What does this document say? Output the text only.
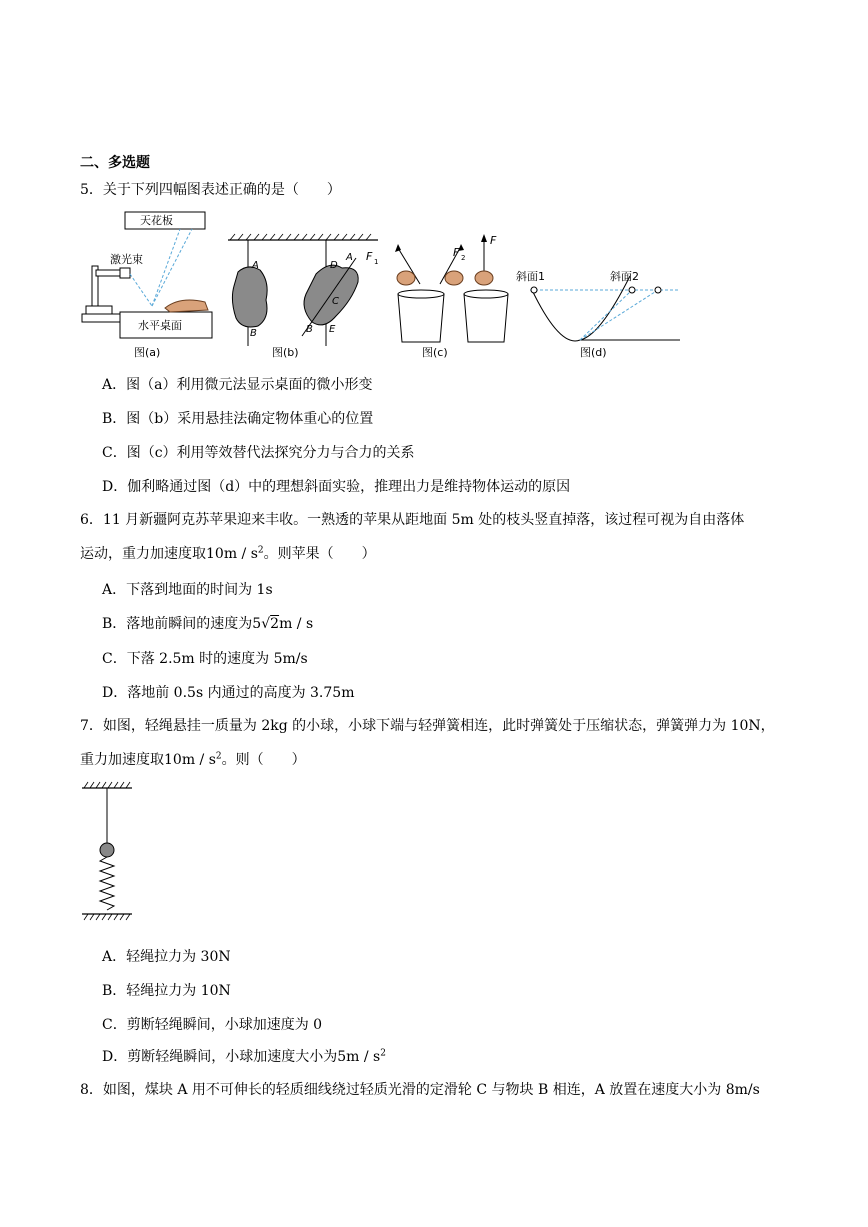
二、多选题
5．关于下列四幅图表述正确的是（　　）
天花板
激光束
水平桌面
图(a)
A
B
D
A
C
B E
图(b)
F 1
F 2
F
图(c)
斜面1	斜面2
图(d)
A．图（a）利用微元法显示桌面的微小形变
B．图（b）采用悬挂法确定物体重心的位置
C．图（c）利用等效替代法探究分力与合力的关系
D．伽利略通过图（d）中的理想斜面实验，推理出力是维持物体运动的原因
6．11 月新疆阿克苏苹果迎来丰收。一熟透的苹果从距地面 5m 处的枝头竖直掉落，该过程可视为自由落体
运动，重力加速度取$10m / s^2$。则苹果（　　）
A．下落到地面的时间为 1s
B．落地前瞬间的速度为5√2m / s
C．下落 2.5m 时的速度为 5m/s
D．落地前 0.5s 内通过的高度为 3.75m
7．如图，轻绳悬挂一质量为 2kg 的小球，小球下端与轻弹簧相连，此时弹簧处于压缩状态，弹簧弹力为 10N，
重力加速度取$10m / s^2$。则（　　）
A．轻绳拉力为 30N
B．轻绳拉力为 10N
C．剪断轻绳瞬间，小球加速度为 0
D．剪断轻绳瞬间，小球加速度大小为$5m / s^2$
8．如图，煤块 A 用不可伸长的轻质细线绕过轻质光滑的定滑轮 C 与物块 B 相连，A 放置在速度大小为 8m/s
